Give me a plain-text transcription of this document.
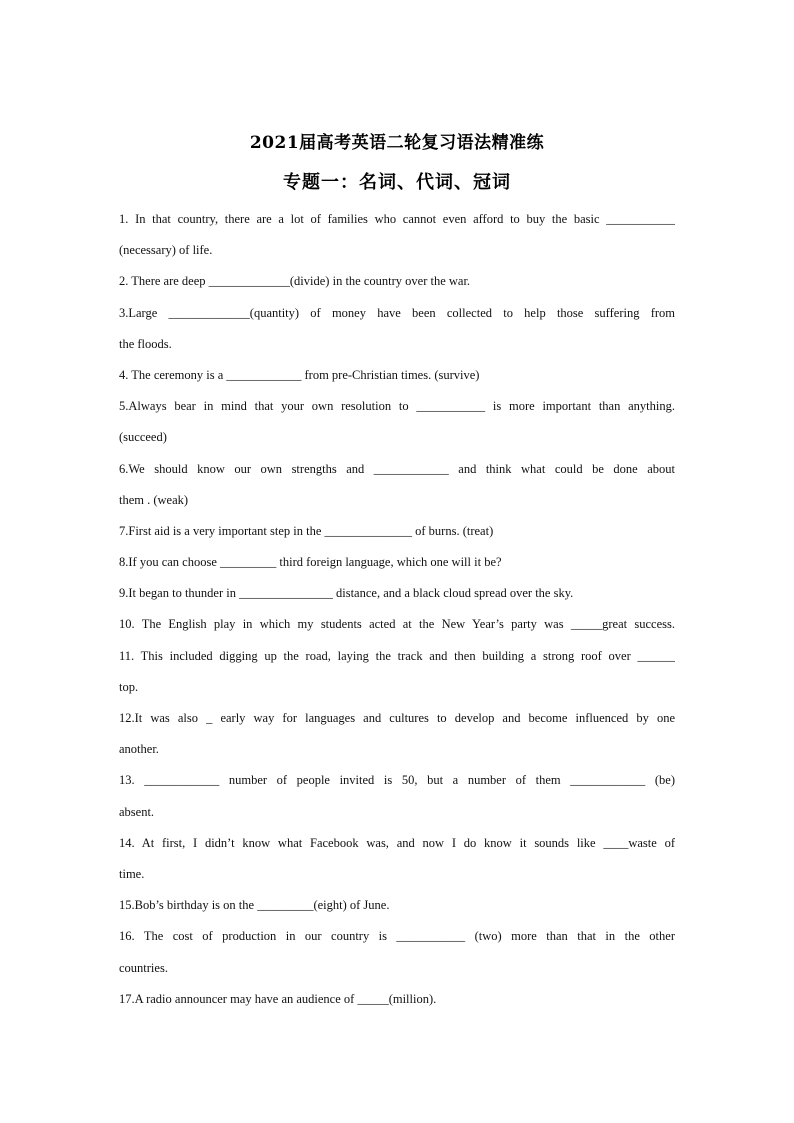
2021届高考英语二轮复习语法精准练
专题一：名词、代词、冠词
1. In that country, there are a lot of families who cannot even afford to buy the basic ___________
(necessary) of life.
2. There are deep _____________(divide) in the country over the war.
3.Large _____________(quantity) of money have been collected to help those suffering from
the floods.
4. The ceremony is a ____________ from pre-Christian times. (survive)
5.Always bear in mind that your own resolution to ___________ is more important than anything.
(succeed)
6.We should know our own strengths and ____________ and think what could be done about
them . (weak)
7.First aid is a very important step in the ______________ of burns. (treat)
8.If you can choose _________ third foreign language, which one will it be?
9.It began to thunder in _______________ distance, and a black cloud spread over the sky.
10. The English play in which my students acted at the New Year’s party was _____great success.
11. This included digging up the road, laying the track and then building a strong roof over ______
top.
12.It was also _ early way for languages and cultures to develop and become influenced by one
another.
13. ____________ number of people invited is 50, but a number of them ____________ (be)
absent.
14. At first, I didn’t know what Facebook was, and now I do know it sounds like ____waste of
time.
15.Bob’s birthday is on the _________(eight) of June.
16. The cost of production in our country is ___________ (two) more than that in the other
countries.
17.A radio announcer may have an audience of _____(million).
